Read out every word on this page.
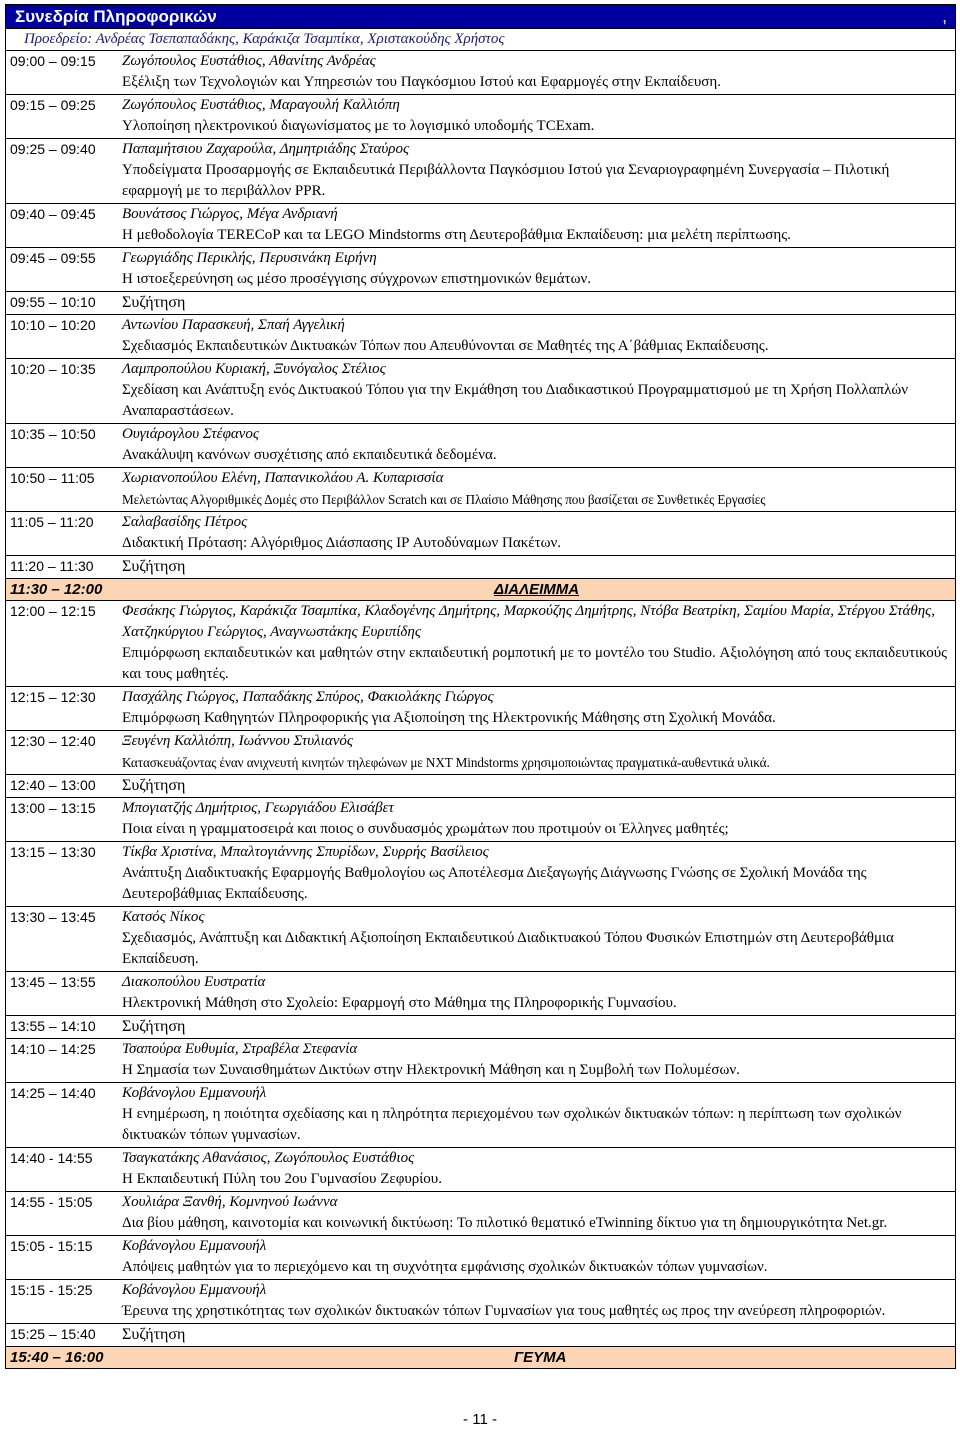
Συνεδρία Πληροφορικών	,
Προεδρείο: Ανδρέας Τσεπαπαδάκης, Καράκιζα Τσαμπίκα, Χριστακούδης Χρήστος
09:00 – 09:15 Ζωγόπουλος Ευστάθιος, Αθανίτης Ανδρέας
Εξέλιξη των Τεχνολογιών και Υπηρεσιών του Παγκόσμιου Ιστού και Εφαρμογές στην Εκπαίδευση.
09:15 – 09:25 Ζωγόπουλος Ευστάθιος, Μαραγουλή Καλλιόπη
Υλοποίηση ηλεκτρονικού διαγωνίσματος με το λογισμικό υποδομής TCExam.
09:25 – 09:40 Παπαμήτσιου Ζαχαρούλα, Δημητριάδης Σταύρος
Υποδείγματα Προσαρμογής σε Εκπαιδευτικά Περιβάλλοντα Παγκόσμιου Ιστού για Σεναριογραφημένη Συνεργασία – Πιλοτική εφαρμογή με το περιβάλλον PPR.
09:40 – 09:45 Βουνάτσος Γιώργος, Μέγα Ανδριανή
Η μεθοδολογία TERECoP και τα LEGO Mindstorms στη Δευτεροβάθμια Εκπαίδευση: μια μελέτη περίπτωσης.
09:45 – 09:55 Γεωργιάδης Περικλής, Περυσινάκη Ειρήνη
Η ιστοεξερεύνηση ως μέσο προσέγγισης σύγχρονων επιστημονικών θεμάτων.
09:55 – 10:10 Συζήτηση
10:10 – 10:20 Αντωνίου Παρασκευή, Σπαή Αγγελική
Σχεδιασμός Εκπαιδευτικών Δικτυακών Τόπων που Απευθύνονται σε Μαθητές της Α΄βάθμιας Εκπαίδευσης.
10:20 – 10:35 Λαμπροπούλου Κυριακή, Ξυνόγαλος Στέλιος
Σχεδίαση και Ανάπτυξη ενός Δικτυακού Τόπου για την Εκμάθηση του Διαδικαστικού Προγραμματισμού με τη Χρήση Πολλαπλών Αναπαραστάσεων.
10:35 – 10:50 Ουγιάρογλου Στέφανος
Ανακάλυψη κανόνων συσχέτισης από εκπαιδευτικά δεδομένα.
10:50 – 11:05 Χωριανοπούλου Ελένη, Παπανικολάου Α. Κυπαρισσία
Μελετώντας Αλγοριθμικές Δομές στο Περιβάλλον Scratch και σε Πλαίσιο Μάθησης που βασίζεται σε Συνθετικές Εργασίες
11:05 – 11:20 Σαλαβασίδης Πέτρος
Διδακτική Πρόταση: Αλγόριθμος Διάσπασης IP Αυτοδύναμων Πακέτων.
11:20 – 11:30 Συζήτηση
11:30 – 12:00	ΔΙΑΛΕΙΜΜΑ
12:00 – 12:15 Φεσάκης Γιώργιος, Καράκιζα Τσαμπίκα, Κλαδογένης Δημήτρης, Μαρκούζης Δημήτρης, Ντόβα Βεατρίκη, Σαμίου Μαρία, Στέργου Στάθης, Χατζηκύργιου Γεώργιος, Αναγνωστάκης Ευριπίδης
Επιμόρφωση εκπαιδευτικών και μαθητών στην εκπαιδευτική ρομποτική με το μοντέλο του Studio. Αξιολόγηση από τους εκπαιδευτικούς και τους μαθητές.
12:15 – 12:30 Πασχάλης Γιώργος, Παπαδάκης Σπύρος, Φακιολάκης Γιώργος
Επιμόρφωση Καθηγητών Πληροφορικής για Αξιοποίηση της Ηλεκτρονικής Μάθησης στη Σχολική Μονάδα.
12:30 – 12:40 Ξευγένη Καλλιόπη, Ιωάννου Στυλιανός
Κατασκευάζοντας έναν ανιχνευτή κινητών τηλεφώνων με NXT Mindstorms χρησιμοποιώντας πραγματικά-αυθεντικά υλικά.
12:40 – 13:00 Συζήτηση
13:00 – 13:15 Μπογιατζής Δημήτριος, Γεωργιάδου Ελισάβετ
Ποια είναι η γραμματοσειρά και ποιος ο συνδυασμός χρωμάτων που προτιμούν οι Έλληνες μαθητές;
13:15 – 13:30 Τίκβα Χριστίνα, Μπαλτογιάννης Σπυρίδων, Συρρής Βασίλειος
Ανάπτυξη Διαδικτυακής Εφαρμογής Βαθμολογίου ως Αποτέλεσμα Διεξαγωγής Διάγνωσης Γνώσης σε Σχολική Μονάδα της Δευτεροβάθμιας Εκπαίδευσης.
13:30 – 13:45 Κατσός Νίκος
Σχεδιασμός, Ανάπτυξη και Διδακτική Αξιοποίηση Εκπαιδευτικού Διαδικτυακού Τόπου Φυσικών Επιστημών στη Δευτεροβάθμια Εκπαίδευση.
13:45 – 13:55 Διακοπούλου Ευστρατία
Ηλεκτρονική Μάθηση στο Σχολείο: Εφαρμογή στο Μάθημα της Πληροφορικής Γυμνασίου.
13:55 – 14:10 Συζήτηση
14:10 – 14:25 Τσαπούρα Ευθυμία, Στραβέλα Στεφανία
Η Σημασία των Συναισθημάτων Δικτύων στην Ηλεκτρονική Μάθηση και η Συμβολή των Πολυμέσων.
14:25 – 14:40 Κοβάνογλου Εμμανουήλ
Η ενημέρωση, η ποιότητα σχεδίασης και η πληρότητα περιεχομένου των σχολικών δικτυακών τόπων: η περίπτωση των σχολικών δικτυακών τόπων γυμνασίων.
14:40 - 14:55 Τσαγκατάκης Αθανάσιος, Ζωγόπουλος Ευστάθιος
Η Εκπαιδευτική Πύλη του 2ου Γυμνασίου Ζεφυρίου.
14:55 - 15:05 Χουλιάρα Ξανθή, Κομνηνού Ιωάννα
Δια βίου μάθηση, καινοτομία και κοινωνική δικτύωση: Το πιλοτικό θεματικό eTwinning δίκτυο για τη δημιουργικότητα Net.gr.
15:05 - 15:15 Κοβάνογλου Εμμανουήλ
Απόψεις μαθητών για το περιεχόμενο και τη συχνότητα εμφάνισης σχολικών δικτυακών τόπων γυμνασίων.
15:15 - 15:25 Κοβάνογλου Εμμανουήλ
Έρευνα της χρηστικότητας των σχολικών δικτυακών τόπων Γυμνασίων για τους μαθητές ως προς την ανεύρεση πληροφοριών.
15:25 – 15:40 Συζήτηση
15:40 – 16:00	ΓΕΥΜΑ
- 11 -
